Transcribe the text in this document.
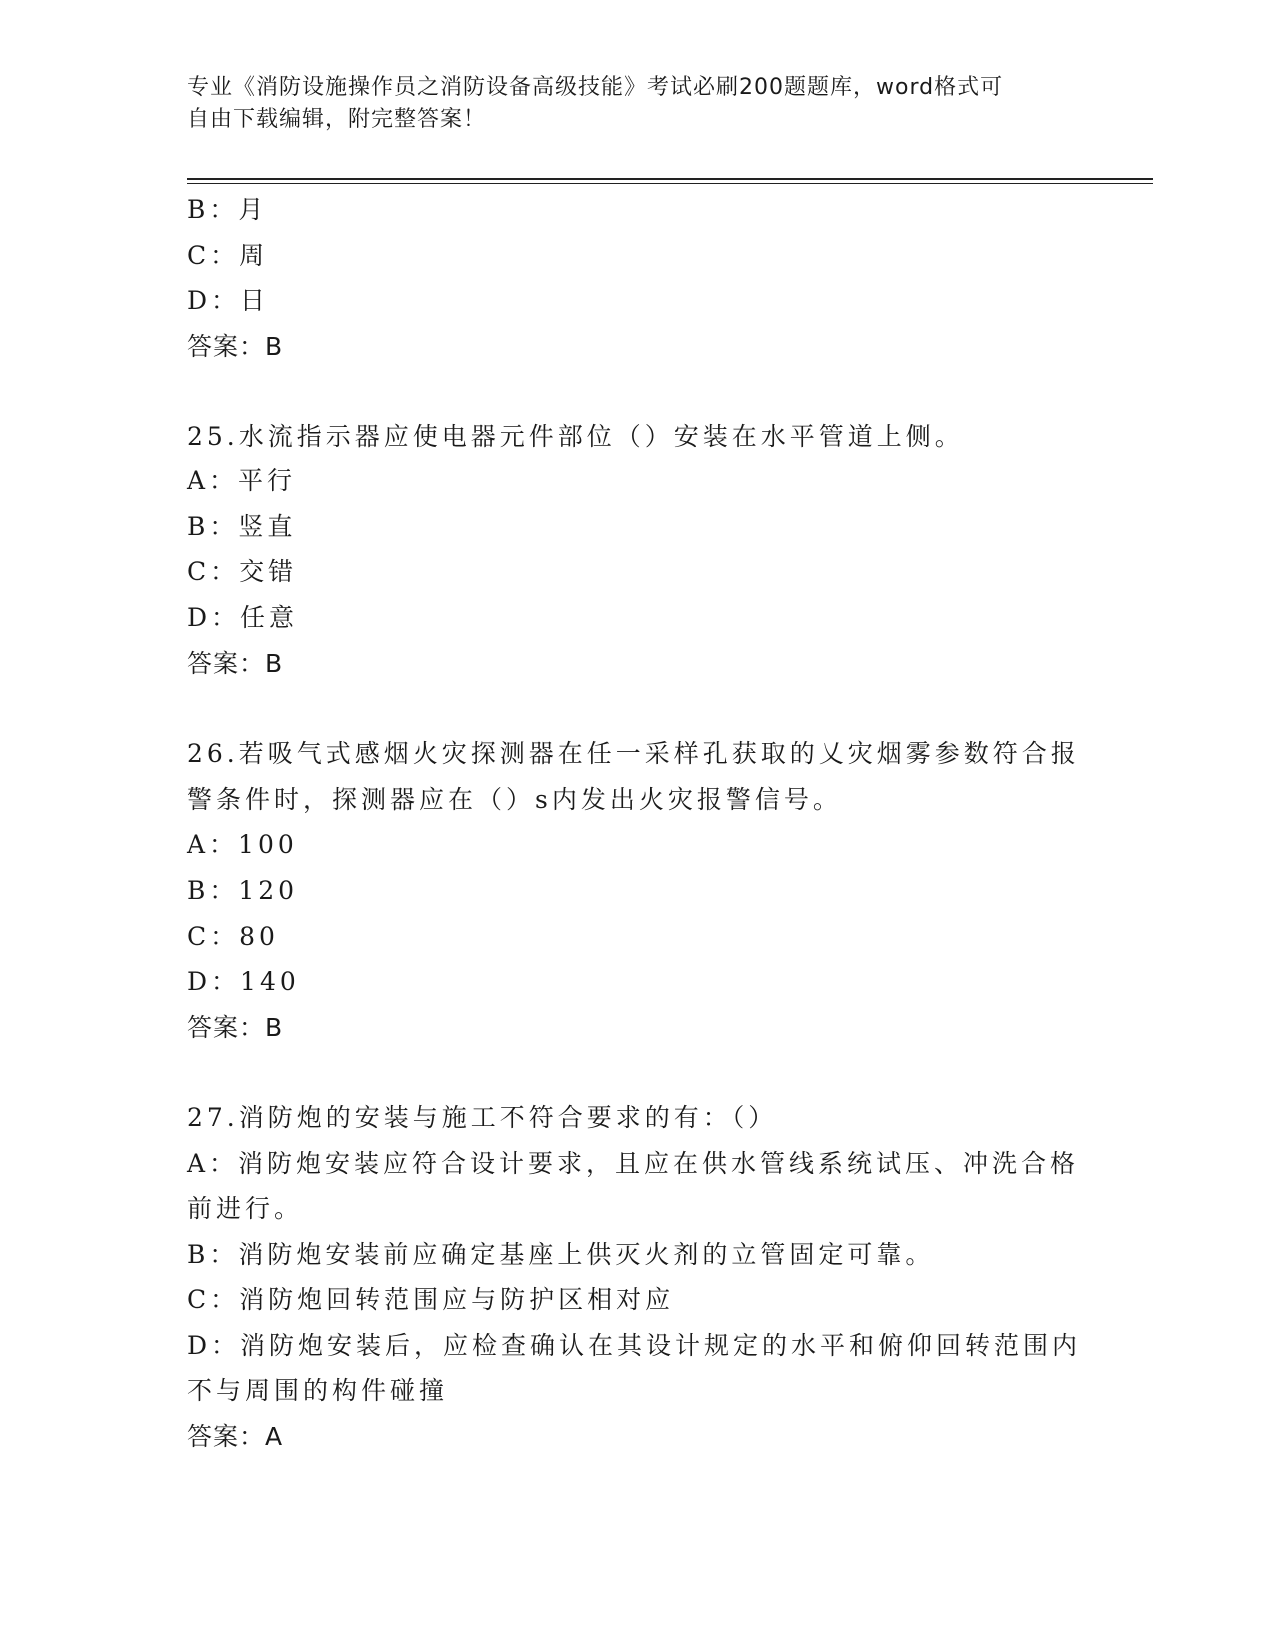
专业《消防设施操作员之消防设备高级技能》考试必刷200题题库，word格式可
自由下载编辑，附完整答案！
B：月
C：周
D：日
答案：B
25.水流指示器应使电器元件部位（）安装在水平管道上侧。
A：平行
B：竖直
C：交错
D：任意
答案：B
26.若吸气式感烟火灾探测器在任一采样孔获取的乂灾烟雾参数符合报
警条件时，探测器应在（）s内发出火灾报警信号。
A：100
B：120
C：80
D：140
答案：B
27.消防炮的安装与施工不符合要求的有：（）
A：消防炮安装应符合设计要求，且应在供水管线系统试压、冲洗合格
前进行。
B：消防炮安装前应确定基座上供灭火剂的立管固定可靠。
C：消防炮回转范围应与防护区相对应
D：消防炮安装后，应检查确认在其设计规定的水平和俯仰回转范围内
不与周围的构件碰撞
答案：A
